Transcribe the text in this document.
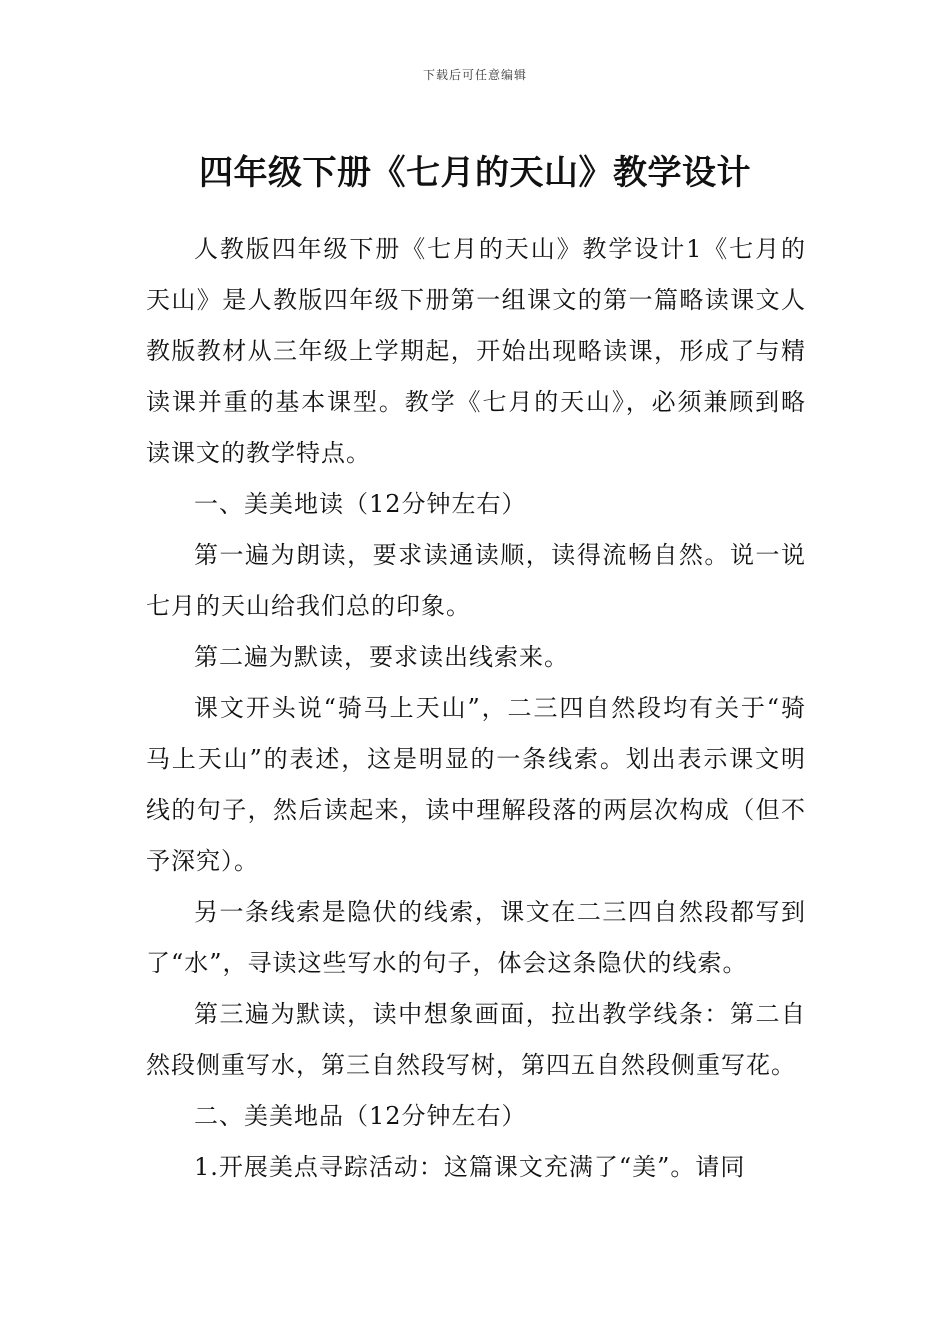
下载后可任意编辑
四年级下册《七月的天山》教学设计

人教版四年级下册《七月的天山》教学设计1《七月的天山》是人教版四年级下册第一组课文的第一篇略读课文人教版教材从三年级上学期起，开始出现略读课，形成了与精读课并重的基本课型。教学《七月的天山》，必须兼顾到略读课文的教学特点。

一、美美地读（12分钟左右）

第一遍为朗读，要求读通读顺，读得流畅自然。说一说七月的天山给我们总的印象。

第二遍为默读，要求读出线索来。

课文开头说“骑马上天山”，二三四自然段均有关于“骑马上天山”的表述，这是明显的一条线索。划出表示课文明线的句子，然后读起来，读中理解段落的两层次构成（但不予深究）。

另一条线索是隐伏的线索，课文在二三四自然段都写到了“水”，寻读这些写水的句子，体会这条隐伏的线索。

第三遍为默读，读中想象画面，拉出教学线条：第二自然段侧重写水，第三自然段写树，第四五自然段侧重写花。

二、美美地品（12分钟左右）

1.开展美点寻踪活动：这篇课文充满了“美”。请同
